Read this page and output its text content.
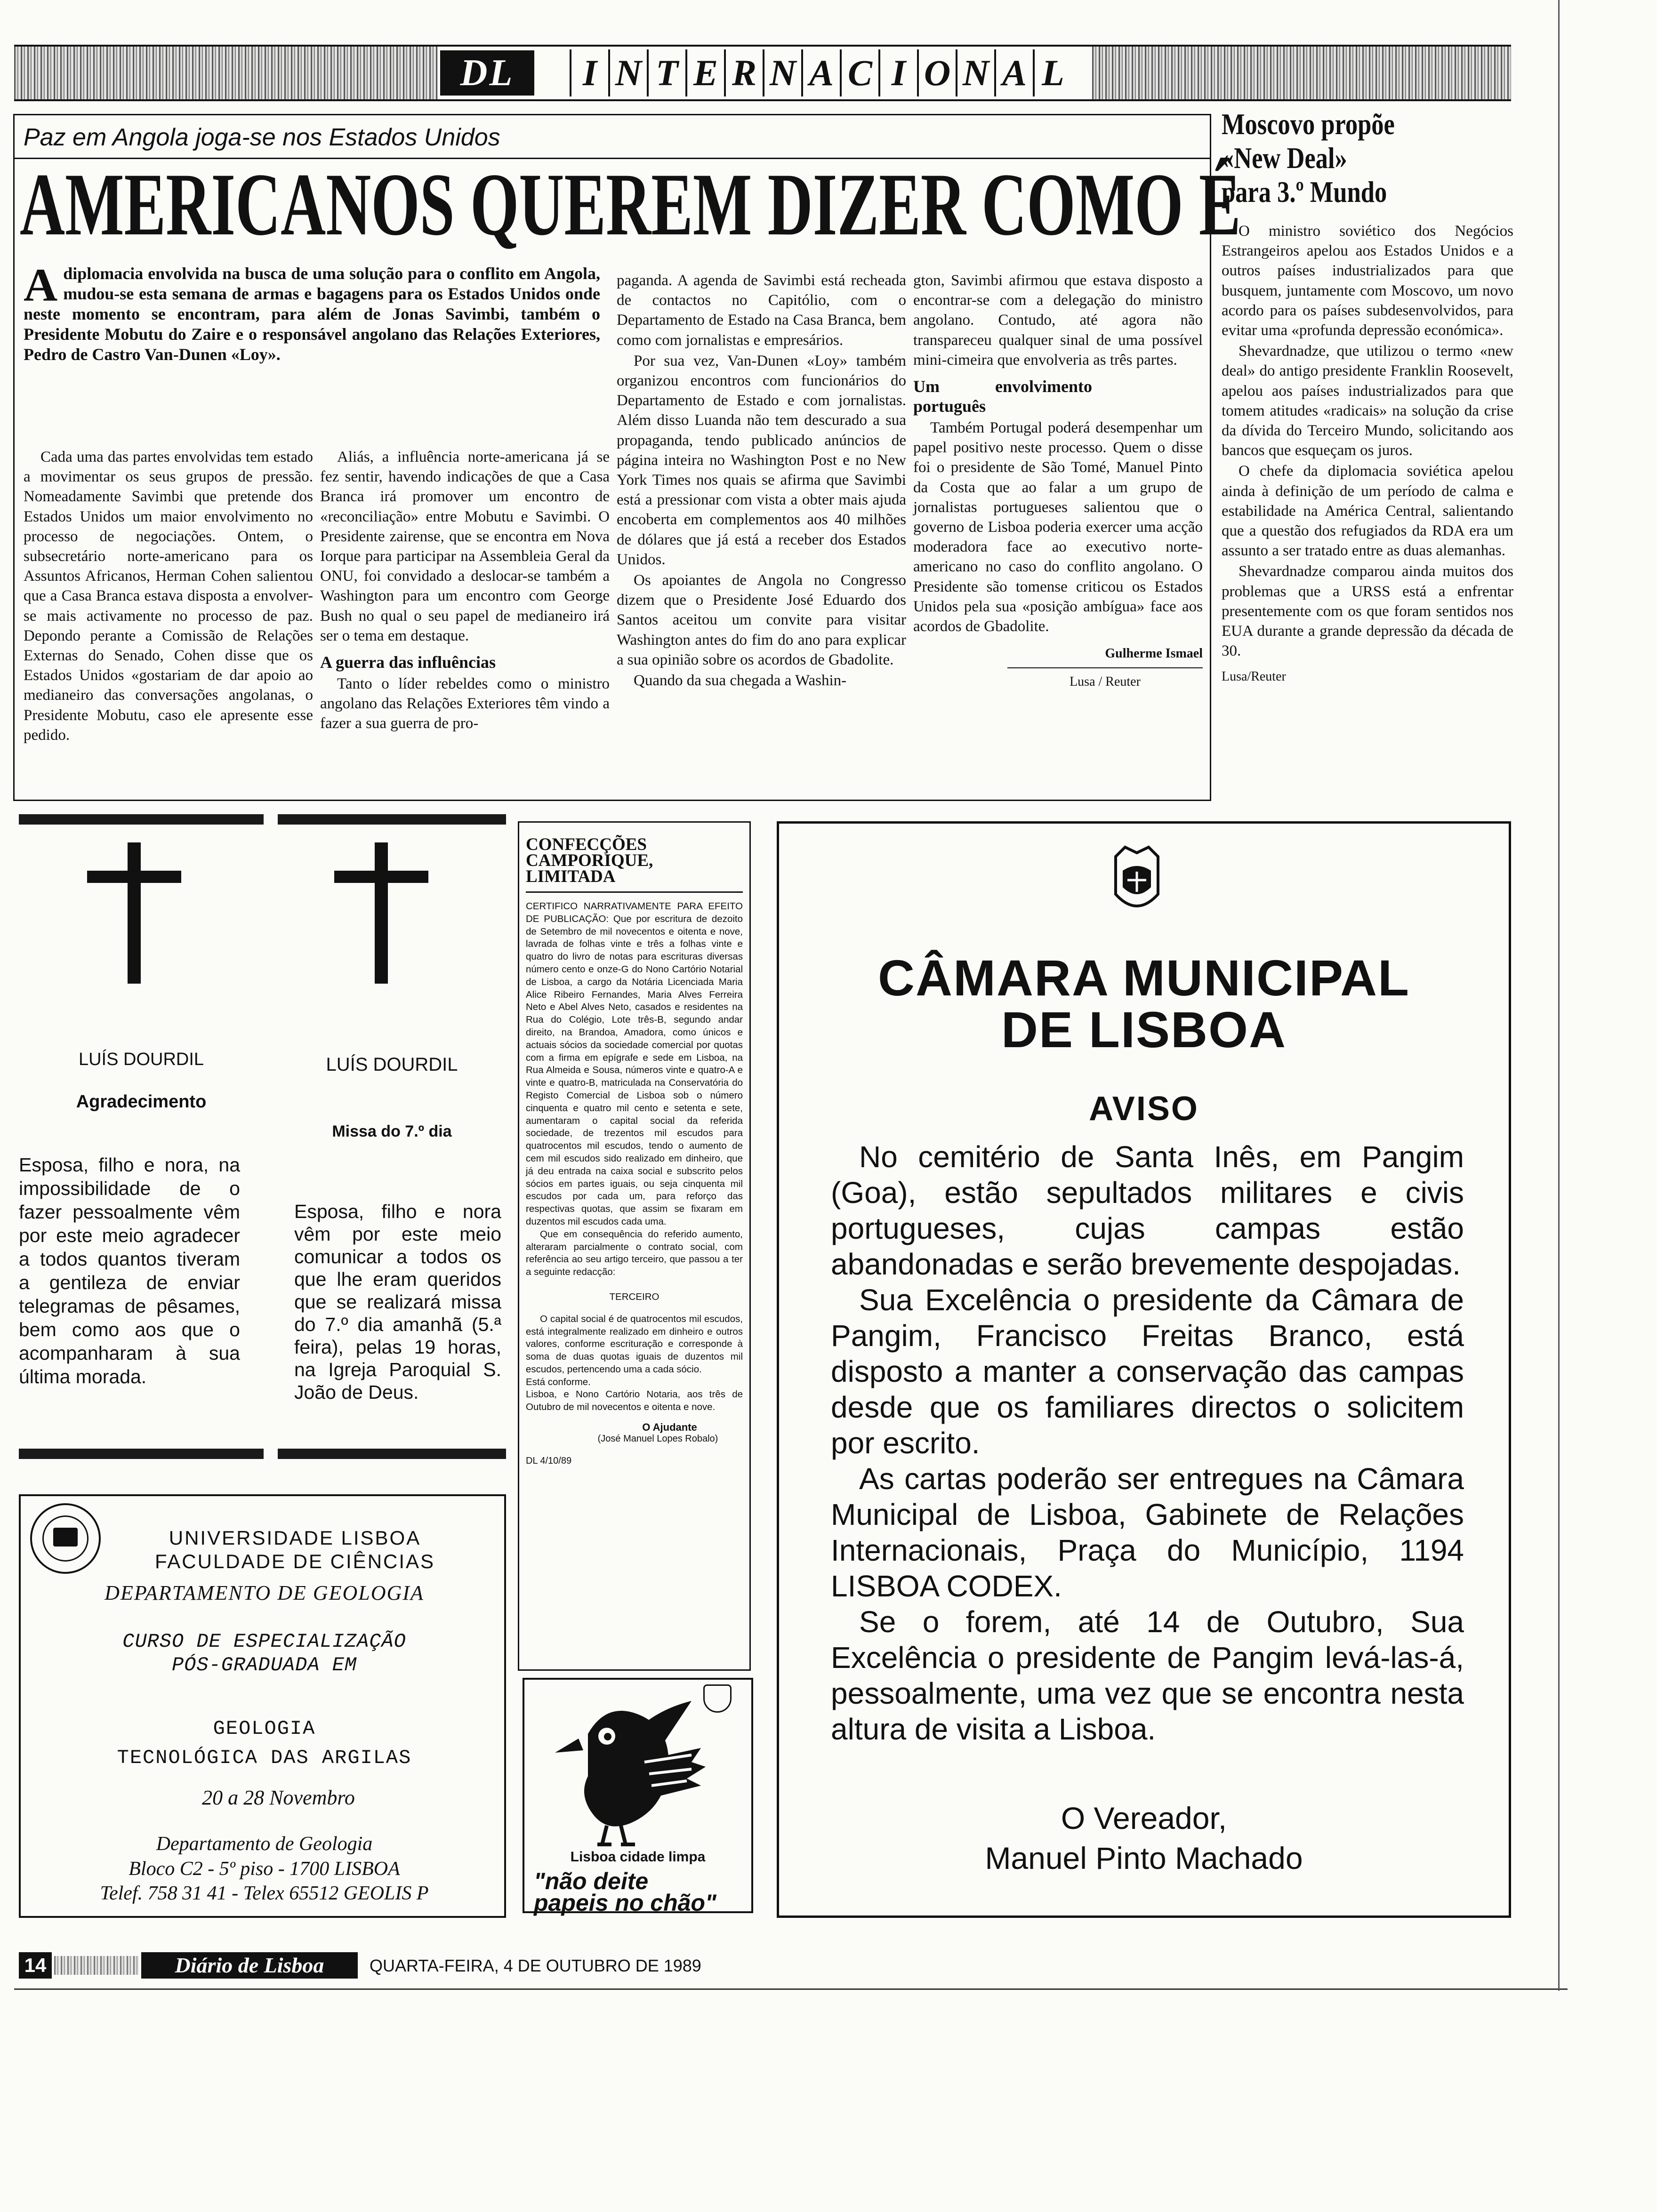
DL	I N T E R N A C I O N A L
Paz em Angola joga-se nos Estados Unidos
AMERICANOS QUEREM DIZER COMO É
A diplomacia envolvida na busca de uma solução para o conflito em Angola, mudou-se esta semana de armas e bagagens para os Estados Unidos onde neste momento se encontram, para além de Jonas Savimbi, também o Presidente Mobutu do Zaire e o responsável angolano das Relações Exteriores, Pedro de Castro Van-Dunen «Loy».

Cada uma das partes envolvidas tem estado a movimentar os seus grupos de pressão. Nomeadamente Savimbi que pretende dos Estados Unidos um maior envolvimento no processo de negociações. Ontem, o subsecretário norte-americano para os Assuntos Africanos, Herman Cohen salientou que a Casa Branca estava disposta a envolver-se mais activamente no processo de paz. Depondo perante a Comissão de Relações Externas do Senado, Cohen disse que os Estados Unidos «gostariam de dar apoio ao medianeiro das conversações angolanas, o Presidente Mobutu, caso ele apresente esse pedido.

Aliás, a influência norte-americana já se fez sentir, havendo indicações de que a Casa Branca irá promover um encontro de «reconciliação» entre Mobutu e Savimbi. O Presidente zairense, que se encontra em Nova Iorque para participar na Assembleia Geral da ONU, foi convidado a deslocar-se também a Washington para um encontro com George Bush no qual o seu papel de medianeiro irá ser o tema em destaque.

A guerra das influências

Tanto o líder rebeldes como o ministro angolano das Relações Exteriores têm vindo a fazer a sua guerra de pro-

paganda. A agenda de Savimbi está recheada de contactos no Capitólio, com o Departamento de Estado na Casa Branca, bem como com jornalistas e empresários.

Por sua vez, Van-Dunen «Loy» também organizou encontros com funcionários do Departamento de Estado e com jornalistas. Além disso Luanda não tem descurado a sua propaganda, tendo publicado anúncios de página inteira no Washington Post e no New York Times nos quais se afirma que Savimbi está a pressionar com vista a obter mais ajuda encoberta em complementos aos 40 milhões de dólares que já está a receber dos Estados Unidos.

Os apoiantes de Angola no Congresso dizem que o Presidente José Eduardo dos Santos aceitou um convite para visitar Washington antes do fim do ano para explicar a sua opinião sobre os acordos de Gbadolite.

Quando da sua chegada a Washin-

gton, Savimbi afirmou que estava disposto a encontrar-se com a delegação do ministro angolano. Contudo, até agora não transpareceu qualquer sinal de uma possível mini-cimeira que envolveria as três partes.

Um envolvimento português

Também Portugal poderá desempenhar um papel positivo neste processo. Quem o disse foi o presidente de São Tomé, Manuel Pinto da Costa que ao falar a um grupo de jornalistas portugueses salientou que o governo de Lisboa poderia exercer uma acção moderadora face ao executivo norte-americano no caso do conflito angolano. O Presidente são tomense criticou os Estados Unidos pela sua «posição ambígua» face aos acordos de Gbadolite.

Gulherme Ismael
Lusa / Reuter
Moscovo propõe
«New Deal»
para 3.º Mundo

O ministro soviético dos Negócios Estrangeiros apelou aos Estados Unidos e a outros países industrializados para que busquem, juntamente com Moscovo, um novo acordo para os países subdesenvolvidos, para evitar uma «profunda depressão económica».

Shevardnadze, que utilizou o termo «new deal» do antigo presidente Franklin Roosevelt, apelou aos países industrializados para que tomem atitudes «radicais» na solução da crise da dívida do Terceiro Mundo, solicitando aos bancos que esqueçam os juros.

O chefe da diplomacia soviética apelou ainda à definição de um período de calma e estabilidade na América Central, salientando que a questão dos refugiados da RDA era um assunto a ser tratado entre as duas alemanhas.

Shevardnadze comparou ainda muitos dos problemas que a URSS está a enfrentar presentemente com os que foram sentidos nos EUA durante a grande depressão da década de 30.

Lusa/Reuter
LUÍS DOURDIL
Agradecimento
Esposa, filho e nora, na impossibilidade de o fazer pessoalmente vêm por este meio agradecer a todos quantos tiveram a gentileza de enviar telegramas de pêsames, bem como aos que o acompanharam à sua última morada.
LUÍS DOURDIL
Missa do 7.º dia
Esposa, filho e nora vêm por este meio comunicar a todos os que lhe eram queridos que se realizará missa do 7.º dia amanhã (5.ª feira), pelas 19 horas, na Igreja Paroquial S. João de Deus.
CONFECÇÕES CAMPORIQUE, LIMITADA

CERTIFICO NARRATIVAMENTE PARA EFEITO DE PUBLICAÇÃO: Que por escritura de dezoito de Setembro de mil novecentos e oitenta e nove, lavrada de folhas vinte e três a folhas vinte e quatro do livro de notas para escrituras diversas número cento e onze-G do Nono Cartório Notarial de Lisboa, a cargo da Notária Licenciada Maria Alice Ribeiro Fernandes, Maria Alves Ferreira Neto e Abel Alves Neto, casados e residentes na Rua do Colégio, Lote três-B, segundo andar direito, na Brandoa, Amadora, como únicos e actuais sócios da sociedade comercial por quotas com a firma em epígrafe e sede em Lisboa, na Rua Almeida e Sousa, números vinte e quatro-A e vinte e quatro-B, matriculada na Conservatória do Registo Comercial de Lisboa sob o número cinquenta e quatro mil cento e setenta e sete, aumentaram o capital social da referida sociedade, de trezentos mil escudos para quatrocentos mil escudos, tendo o aumento de cem mil escudos sido realizado em dinheiro, que já deu entrada na caixa social e subscrito pelos sócios em partes iguais, ou seja cinquenta mil escudos por cada um, para reforço das respectivas quotas, que assim se fixaram em duzentos mil escudos cada uma.

Que em consequência do referido aumento, alteraram parcialmente o contrato social, com referência ao seu artigo terceiro, que passou a ter a seguinte redacção:

TERCEIRO

O capital social é de quatrocentos mil escudos, está integralmente realizado em dinheiro e outros valores, conforme escrituração e corresponde à soma de duas quotas iguais de duzentos mil escudos, pertencendo uma a cada sócio.

Está conforme.

Lisboa, e Nono Cartório Notaria, aos três de Outubro de mil novecentos e oitenta e nove.

O Ajudante
(José Manuel Lopes Robalo)
DL 4/10/89
Lisboa cidade limpa
"não deite
papeis no chão"
UNIVERSIDADE LISBOA
FACULDADE DE CIÊNCIAS
DEPARTAMENTO DE GEOLOGIA
CURSO DE ESPECIALIZAÇÃO
PÓS-GRADUADA EM
GEOLOGIA
TECNOLÓGICA DAS ARGILAS
20 a 28 Novembro
Departamento de Geologia
Bloco C2 - 5º piso - 1700 LISBOA
Telef. 758 31 41 - Telex 65512 GEOLIS P
CÂMARA MUNICIPAL
DE LISBOA
AVISO

No cemitério de Santa Inês, em Pangim (Goa), estão sepultados militares e civis portugueses, cujas campas estão abandonadas e serão brevemente despojadas.

Sua Excelência o presidente da Câmara de Pangim, Francisco Freitas Branco, está disposto a manter a conservação das campas desde que os familiares directos o solicitem por escrito.

As cartas poderão ser entregues na Câmara Municipal de Lisboa, Gabinete de Relações Internacionais, Praça do Município, 1194 LISBOA CODEX.

Se o forem, até 14 de Outubro, Sua Excelência o presidente de Pangim levá-las-á, pessoalmente, uma vez que se encontra nesta altura de visita a Lisboa.

O Vereador,
Manuel Pinto Machado
14	Diário de Lisboa	QUARTA-FEIRA, 4 DE OUTUBRO DE 1989
